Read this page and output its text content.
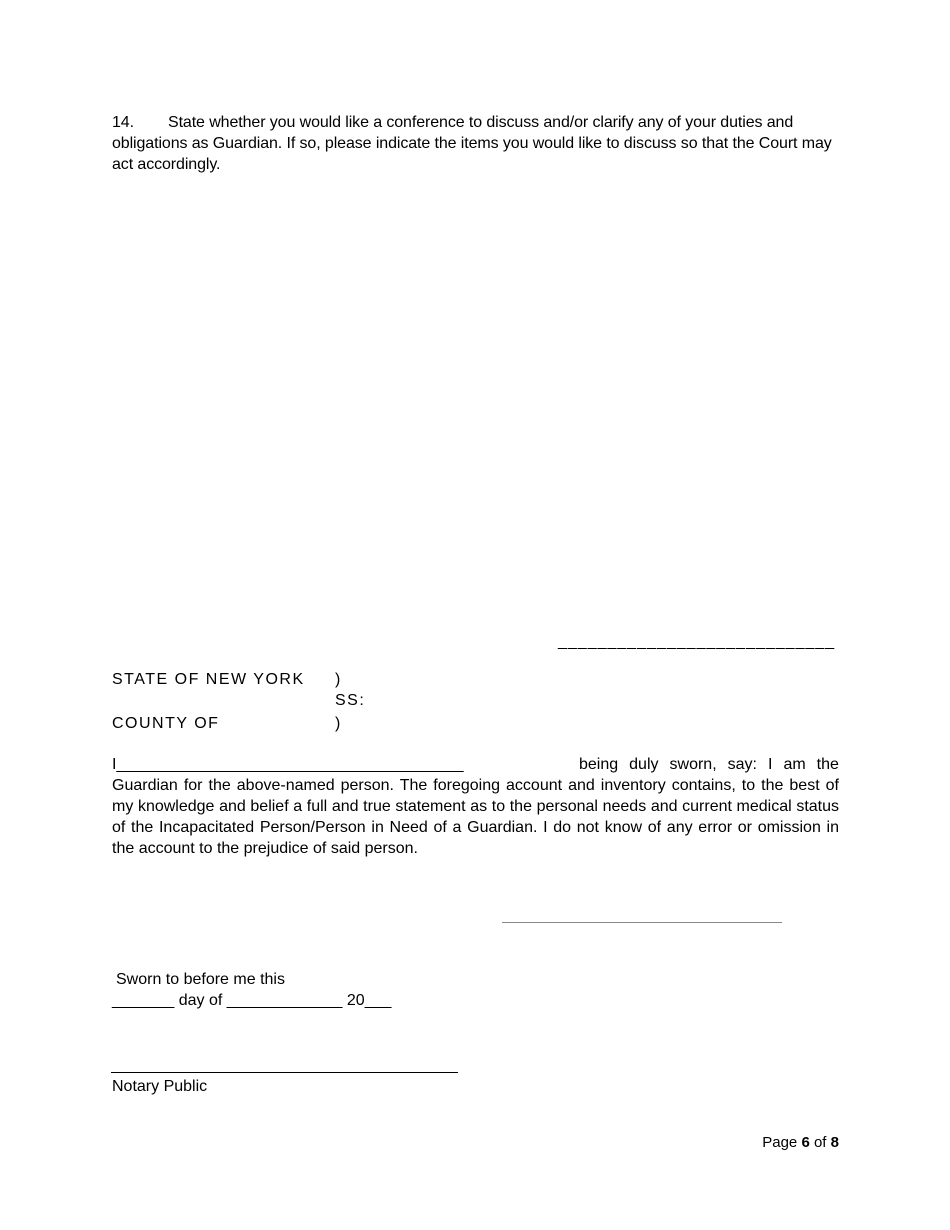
14. State whether you would like a conference to discuss and/or clarify any of your duties and obligations as Guardian. If so, please indicate the items you would like to discuss so that the Court may act accordingly.

____________________________
STATE OF NEW YORK
COUNTY OF
)
SS:
)
I_______________________________________	being duly sworn, say: I am the
Guardian for the above-named person. The foregoing account and inventory contains, to the best of my knowledge and belief a full and true statement as to the personal needs and current medical status of the Incapacitated Person/Person in Need of a Guardian. I do not know of any error or omission in the account to the prejudice of said person.
Sworn to before me this
_______ day of _____________ 20___
Notary Public
Page 6 of 8
